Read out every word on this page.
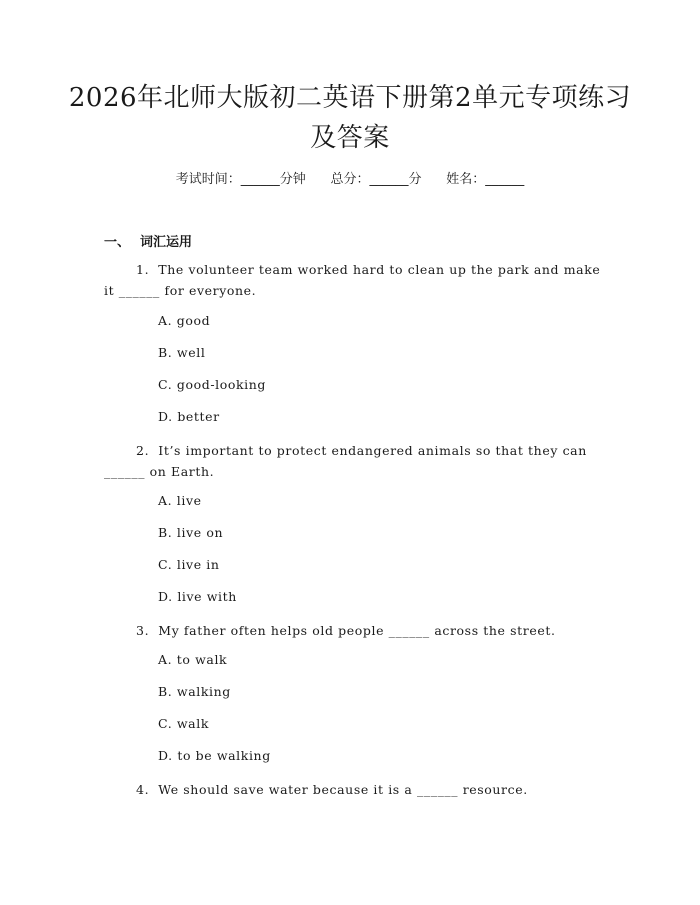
2026年北师大版初二英语下册第2单元专项练习及答案
考试时间：______分钟      总分：______分      姓名：______
一、 词汇运用
1.  The volunteer team worked hard to clean up the park and make it ______ for everyone.
A. good
B. well
C. good-looking
D. better
2.  It’s important to protect endangered animals so that they can ______ on Earth.
A. live
B. live on
C. live in
D. live with
3.  My father often helps old people ______ across the street.
A. to walk
B. walking
C. walk
D. to be walking
4.  We should save water because it is a ______ resource.
